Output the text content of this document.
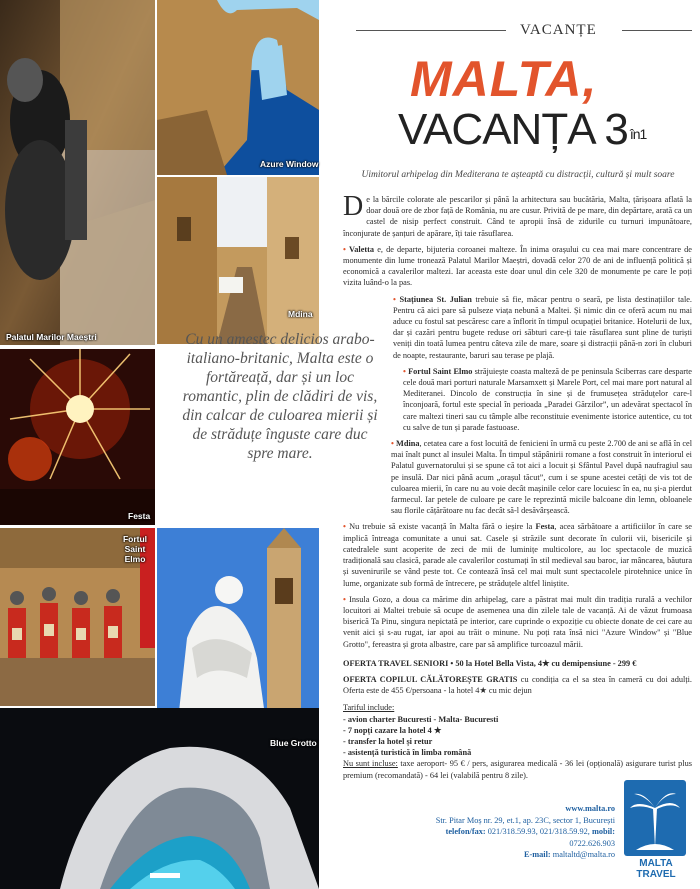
Palatul Marilor Maeștri
Azure Window
Mdina
Festa
Fortul Saint Elmo
Blue Grotto
VACANȚE
MALTA,
VACANȚA 3 $^{în1}$
Uimitorul arhipelag din Mediterana te așteaptă cu distracții, cultură și mult soare
Cu un amestec delicios arabo-italiano-britanic, Malta este o fortăreață, dar și un loc romantic, plin de clădiri de vis, din calcar de culoarea mierii și de străduțe înguste care duc spre mare.

De la bărcile colorate ale pescarilor și până la arhitectura sau bucătăria, Malta, țărișoara aflată la doar două ore de zbor față de România, nu are cusur. Privită de pe mare, din depărtare, arată ca un castel de nisip perfect construit. Când te apropii însă de zidurile cu turnuri impunătoare, înconjurate de șanțuri de apărare, îți taie răsuflarea.

• Valetta e, de departe, bijuteria coroanei malteze. În inima orașului cu cea mai mare concentrare de monumente din lume tronează Palatul Marilor Maeștri, dovadă celor 270 de ani de influență politică și economică a cavalerilor maltezi. Iar aceasta este doar unul din cele 320 de monumente pe care le poți vizita luând-o la pas.

• Stațiunea St. Julian trebuie să fie, măcar pentru o seară, pe lista destinațiilor tale. Pentru că aici pare să pulseze viața nebună a Maltei. Și nimic din ce oferă acum nu mai aduce cu fostul sat pescăresc care a înflorit în timpul ocupației britanice. Hotelurii de lux, dar și cazări pentru bugete reduse ori săbturi care-ți taie răsuflarea sunt pline de turiști veniți din toată lumea pentru câteva zile de mare, soare și distracții până-n zori în cluburi de noapte, restaurante, baruri sau terase pe plajă.

• Fortul Saint Elmo străjuiește coasta malteză de pe peninsula Sciberras care desparte cele două mari porturi naturale Marsamxett și Marele Port, cel mai mare port natural al Mediteranei. Dincolo de construcția în sine și de frumusețea străduțelor care-l înconjoară, fortul este special în perioada „Paradei Gărzilor”, un adevărat spectacol în care maltezi tineri sau cu tâmple albe reconstituie evenimente istorice autentice, cu tot cu salve de tun și parade fastuoase.

• Mdina, cetatea care a fost locuită de fenicieni în urmă cu peste 2.700 de ani se află în cel mai înalt punct al insulei Malta. În timpul stăpânirii romane a fost construit în interiorul ei Palatul guvernatorului și se spune că tot aici a locuit și Sfântul Pavel după naufragiul sau pe insulă. Dar nici până acum „orașul tăcut”, cum i se spune acestei cetăți de vis tot de culoarea mierii, în care nu au voie decât mașinile celor care locuiesc în ea, nu și-a pierdut farmecul. Iar petele de culoare pe care le reprezintă micile balcoane din lemn, obloanele sau florile cățărătoare nu fac decât să-l desăvârșească.

• Nu trebuie să existe vacanță în Malta fără o ieșire la Festa, acea sărbătoare a artificiilor în care se implică întreaga comunitate a unui sat. Casele și străzile sunt decorate în culorii vii, bisericile și catedralele sunt acoperite de zeci de mii de luminițe multicolore, au loc spectacole de muzică tradițională sau clasică, parade ale cavalerilor costumați în stil medieval sau baroc, iar mâncarea, băutura și suvenirurile se vând peste tot. Ce contează însă cel mai mult sunt spectacolele pirotehnice unice în lume, organizate sub formă de întrecere, pe străduțele altfel liniștite.

• Insula Gozo, a doua ca mărime din arhipelag, care a păstrat mai mult din tradiția rurală a vechilor locuitori ai Maltei trebuie să ocupe de asemenea una din zilele tale de vacanță. Ai de văzut frumoasa biserică Ta Pinu, singura nepictată pe interior, care cuprinde o expoziție cu obiecte donate de cei care au venit aici și s-au rugat, iar apoi au trăit o minune. Nu poți rata însă nici "Azure Window" și "Blue Grotto", fereastra și grota albastre, care par să amplifice turcoazul mării.

OFERTA TRAVEL SENIORI • 50 la Hotel Bella Vista, 4★ cu demipensiune - 299 €

OFERTA COPILUL CĂLĂTOREȘTE GRATIS cu condiția ca el sa stea în cameră cu doi adulți. Oferta este de 455 €/persoana - la hotel 4★ cu mic dejun

Tariful include:
- avion charter Bucuresti - Malta- Bucuresti
- 7 nopți cazare la hotel 4 ★
- transfer la hotel și retur
- asistență turistică în limba română
Nu sunt incluse: taxe aeroport- 95 € / pers, asigurarea medicală - 36 lei (opțională) asigurare turist plus premium (recomandată) - 64 lei (valabilă pentru 8 zile).

www.malta.ro
Str. Pitar Moș nr. 29, et.1, ap. 23C, sector 1, București
telefon/fax: 021/318.59.93, 021/318.59.92, mobil: 0722.626.903
E-mail: maltaltd@malta.ro
MALTA
TRAVEL
